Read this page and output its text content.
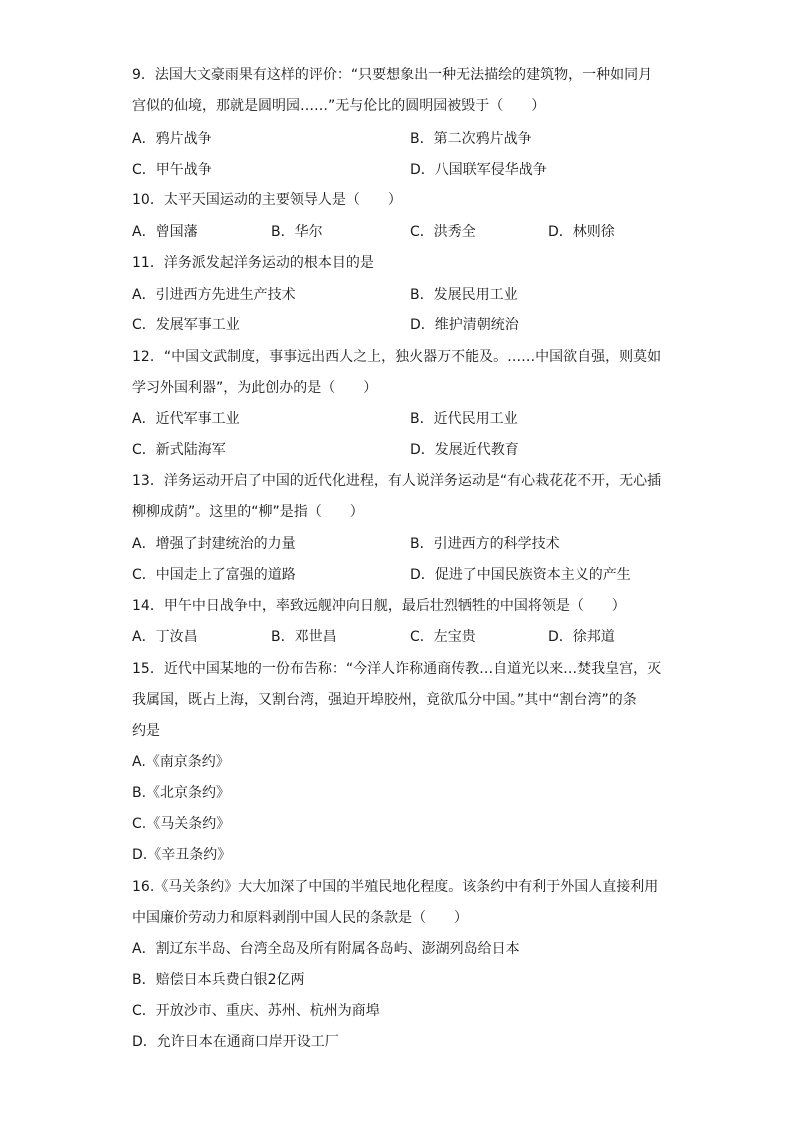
9．法国大文豪雨果有这样的评价：“只要想象出一种无法描绘的建筑物，一种如同月
宫似的仙境，那就是圆明园……”无与伦比的圆明园被毁于（　　）
A．鸦片战争	B．第二次鸦片战争
C．甲午战争	D．八国联军侵华战争
10．太平天国运动的主要领导人是（　　）
A．曾国藩	B．华尔	C．洪秀全	D．林则徐
11．洋务派发起洋务运动的根本目的是
A．引进西方先进生产技术	B．发展民用工业
C．发展军事工业	D．维护清朝统治
12．“中国文武制度，事事远出西人之上，独火器万不能及。……中国欲自强，则莫如
学习外国利器”，为此创办的是（　　）
A．近代军事工业	B．近代民用工业
C．新式陆海军	D．发展近代教育
13．洋务运动开启了中国的近代化进程，有人说洋务运动是“有心栽花花不开，无心插
柳柳成荫”。这里的“柳”是指（　　）
A．增强了封建统治的力量	B．引进西方的科学技术
C．中国走上了富强的道路	D．促进了中国民族资本主义的产生
14．甲午中日战争中，率致远舰冲向日舰，最后壮烈牺牲的中国将领是（　　）
A．丁汝昌	B．邓世昌	C．左宝贵	D．徐邦道
15．近代中国某地的一份布告称：“今洋人诈称通商传教…自道光以来…焚我皇宫，灭
我属国，既占上海，又割台湾，强迫开埠胶州，竟欲瓜分中国。”其中“割台湾”的条
约是
A.《南京条约》
B.《北京条约》
C.《马关条约》
D.《辛丑条约》
16.《马关条约》大大加深了中国的半殖民地化程度。该条约中有利于外国人直接利用
中国廉价劳动力和原料剥削中国人民的条款是（　　）
A．割辽东半岛、台湾全岛及所有附属各岛屿、澎湖列岛给日本
B．赔偿日本兵费白银2亿两
C．开放沙市、重庆、苏州、杭州为商埠
D．允许日本在通商口岸开设工厂
